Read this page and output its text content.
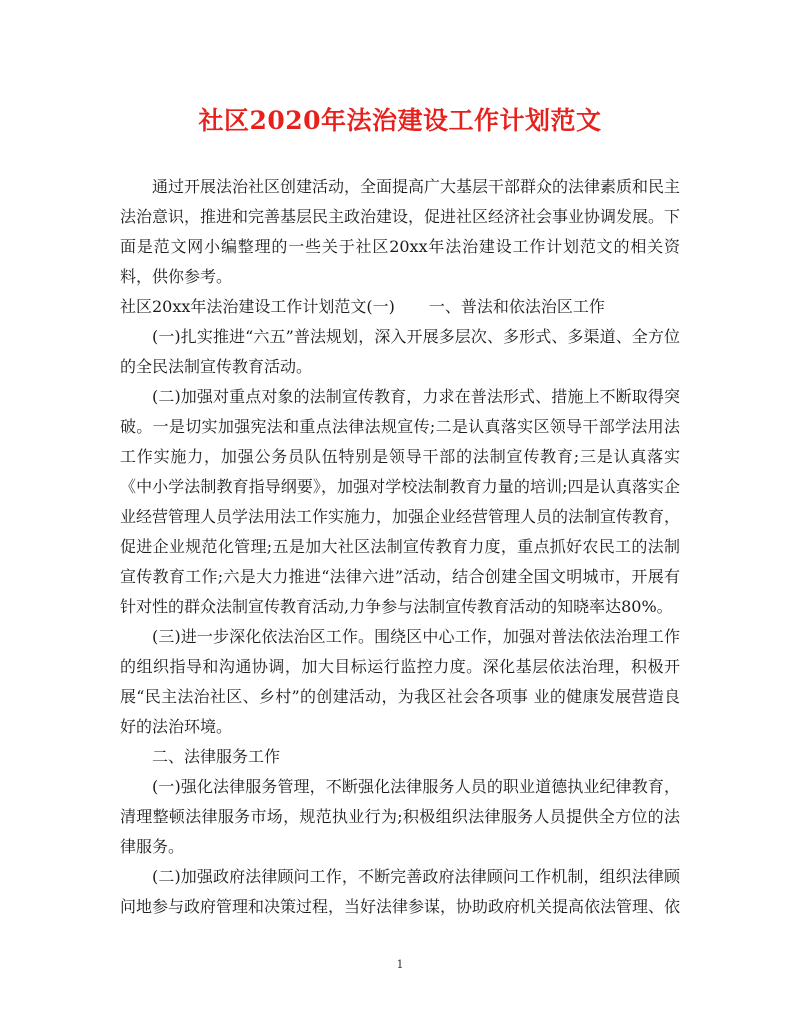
社区2020年法治建设工作计划范文

通过开展法治社区创建活动，全面提高广大基层干部群众的法律素质和民主法治意识，推进和完善基层民主政治建设，促进社区经济社会事业协调发展。下面是范文网小编整理的一些关于社区20xx年法治建设工作计划范文的相关资料，供你参考。

社区20xx年法治建设工作计划范文(一) 一、普法和依法治区工作

(一)扎实推进“六五”普法规划，深入开展多层次、多形式、多渠道、全方位的全民法制宣传教育活动。

(二)加强对重点对象的法制宣传教育，力求在普法形式、措施上不断取得突破。一是切实加强宪法和重点法律法规宣传;二是认真落实区领导干部学法用法工作实施力，加强公务员队伍特别是领导干部的法制宣传教育;三是认真落实《中小学法制教育指导纲要》，加强对学校法制教育力量的培训;四是认真落实企业经营管理人员学法用法工作实施力，加强企业经营管理人员的法制宣传教育，促进企业规范化管理;五是加大社区法制宣传教育力度，重点抓好农民工的法制宣传教育工作;六是大力推进“法律六进”活动，结合创建全国文明城市，开展有针对性的群众法制宣传教育活动,力争参与法制宣传教育活动的知晓率达80%。

(三)进一步深化依法治区工作。围绕区中心工作，加强对普法依法治理工作的组织指导和沟通协调，加大目标运行监控力度。深化基层依法治理，积极开展“民主法治社区、乡村”的创建活动，为我区社会各项事 业的健康发展营造良好的法治环境。

二、法律服务工作

(一)强化法律服务管理，不断强化法律服务人员的职业道德执业纪律教育，清理整顿法律服务市场，规范执业行为;积极组织法律服务人员提供全方位的法律服务。

(二)加强政府法律顾问工作，不断完善政府法律顾问工作机制，组织法律顾问地参与政府管理和决策过程，当好法律参谋，协助政府机关提高依法管理、依

1
